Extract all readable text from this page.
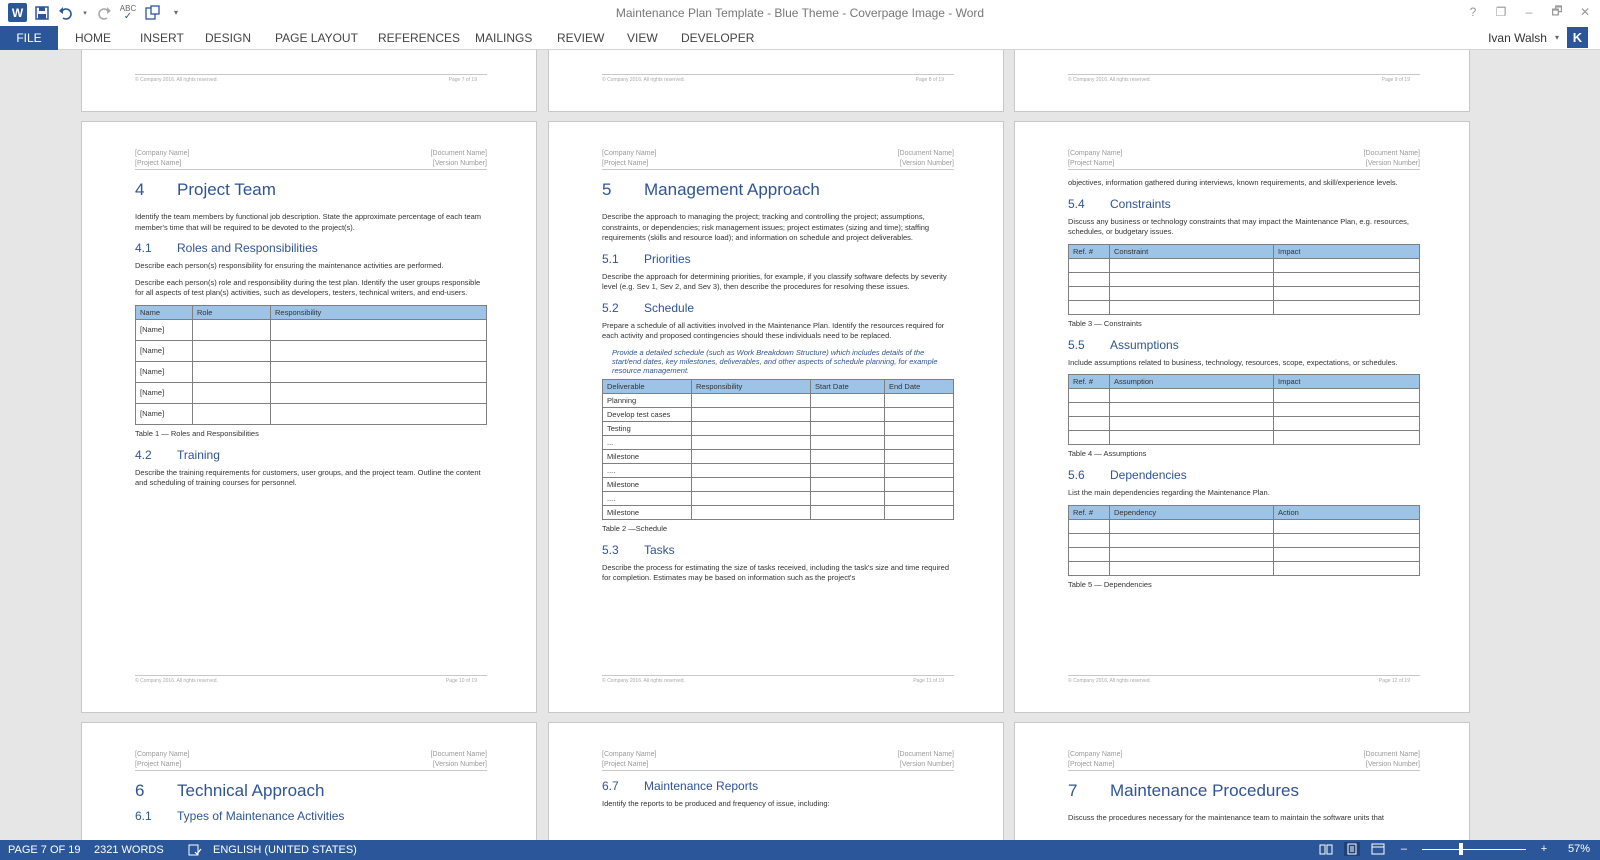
W	▾
ABC
✓	▾	Maintenance Plan Template - Blue Theme - Coverpage Image - Word	?	❐	–	🗗	✕
FILE	HOME INSERT DESIGN PAGE LAYOUT REFERENCES MAILINGS REVIEW VIEW DEVELOPER	Ivan Walsh ▾	K
© Company 2016. All rights reserved.	Page 7 of 19	© Company 2016. All rights reserved.	Page 8 of 19	© Company 2016. All rights reserved.	Page 9 of 19
[Company Name]
[Project Name]
[Document Name]
[Version Number]
4	Project Team
Identify the team members by functional job description. State the approximate percentage of each team member's time that will be required to be devoted to the project(s).
4.1	Roles and Responsibilities
Describe each person(s) responsibility for ensuring the maintenance activities are performed.
Describe each person(s) role and responsibility during the test plan. Identify the user groups responsible for all aspects of test plan(s) activities, such as developers, testers, technical writers, and end-users.
Name	Role	Responsibility
[Name]		
[Name]		
[Name]		
[Name]		
[Name]		
Table 1 — Roles and Responsibilities
4.2	Training
Describe the training requirements for customers, user groups, and the project team. Outline the content and scheduling of training courses for personnel.
© Company 2016. All rights reserved.	Page 10 of 19
[Company Name]
[Project Name]
[Document Name]
[Version Number]
5	Management Approach
Describe the approach to managing the project; tracking and controlling the project; assumptions, constraints, or dependencies; risk management issues; project estimates (sizing and time); staffing requirements (skills and resource load); and information on schedule and project deliverables.
5.1	Priorities
Describe the approach for determining priorities, for example, if you classify software defects by severity level (e.g. Sev 1, Sev 2, and Sev 3), then describe the procedures for resolving these issues.
5.2	Schedule
Prepare a schedule of all activities involved in the Maintenance Plan. Identify the resources required for each activity and proposed contingencies should these individuals need to be replaced.
Provide a detailed schedule (such as Work Breakdown Structure) which includes details of the start/end dates, key milestones, deliverables, and other aspects of schedule planning, for example resource management.
Deliverable	Responsibility	Start Date	End Date
Planning			
Develop test cases			
Testing			
...			
Milestone			
....			
Milestone			
....			
Milestone			
Table 2 —Schedule
5.3	Tasks
Describe the process for estimating the size of tasks received, including the task's size and time required for completion. Estimates may be based on information such as the project's
© Company 2016. All rights reserved.	Page 11 of 19
[Company Name]
[Project Name]
[Document Name]
[Version Number]
objectives, information gathered during interviews, known requirements, and skill/experience levels.
5.4	Constraints
Discuss any business or technology constraints that may impact the Maintenance Plan, e.g. resources, schedules, or budgetary issues.
Ref. #	Constraint	Impact

Table 3 — Constraints
5.5	Assumptions
Include assumptions related to business, technology, resources, scope, expectations, or schedules.
Ref. #	Assumption	Impact

Table 4 — Assumptions
5.6	Dependencies
List the main dependencies regarding the Maintenance Plan.
Ref. #	Dependency	Action

Table 5 — Dependencies
© Company 2016. All rights reserved.	Page 12 of 19
[Company Name]
[Project Name]
[Document Name]
[Version Number]
6	Technical Approach
6.1	Types of Maintenance Activities
[Company Name]
[Project Name]
[Document Name]
[Version Number]
6.7	Maintenance Reports
Identify the reports to be produced and frequency of issue, including:
[Company Name]
[Project Name]
[Document Name]
[Version Number]
7	Maintenance Procedures
Discuss the procedures necessary for the maintenance team to maintain the software units that
PAGE 7 OF 19 2321 WORDS	ENGLISH (UNITED STATES)	–	+	57%
